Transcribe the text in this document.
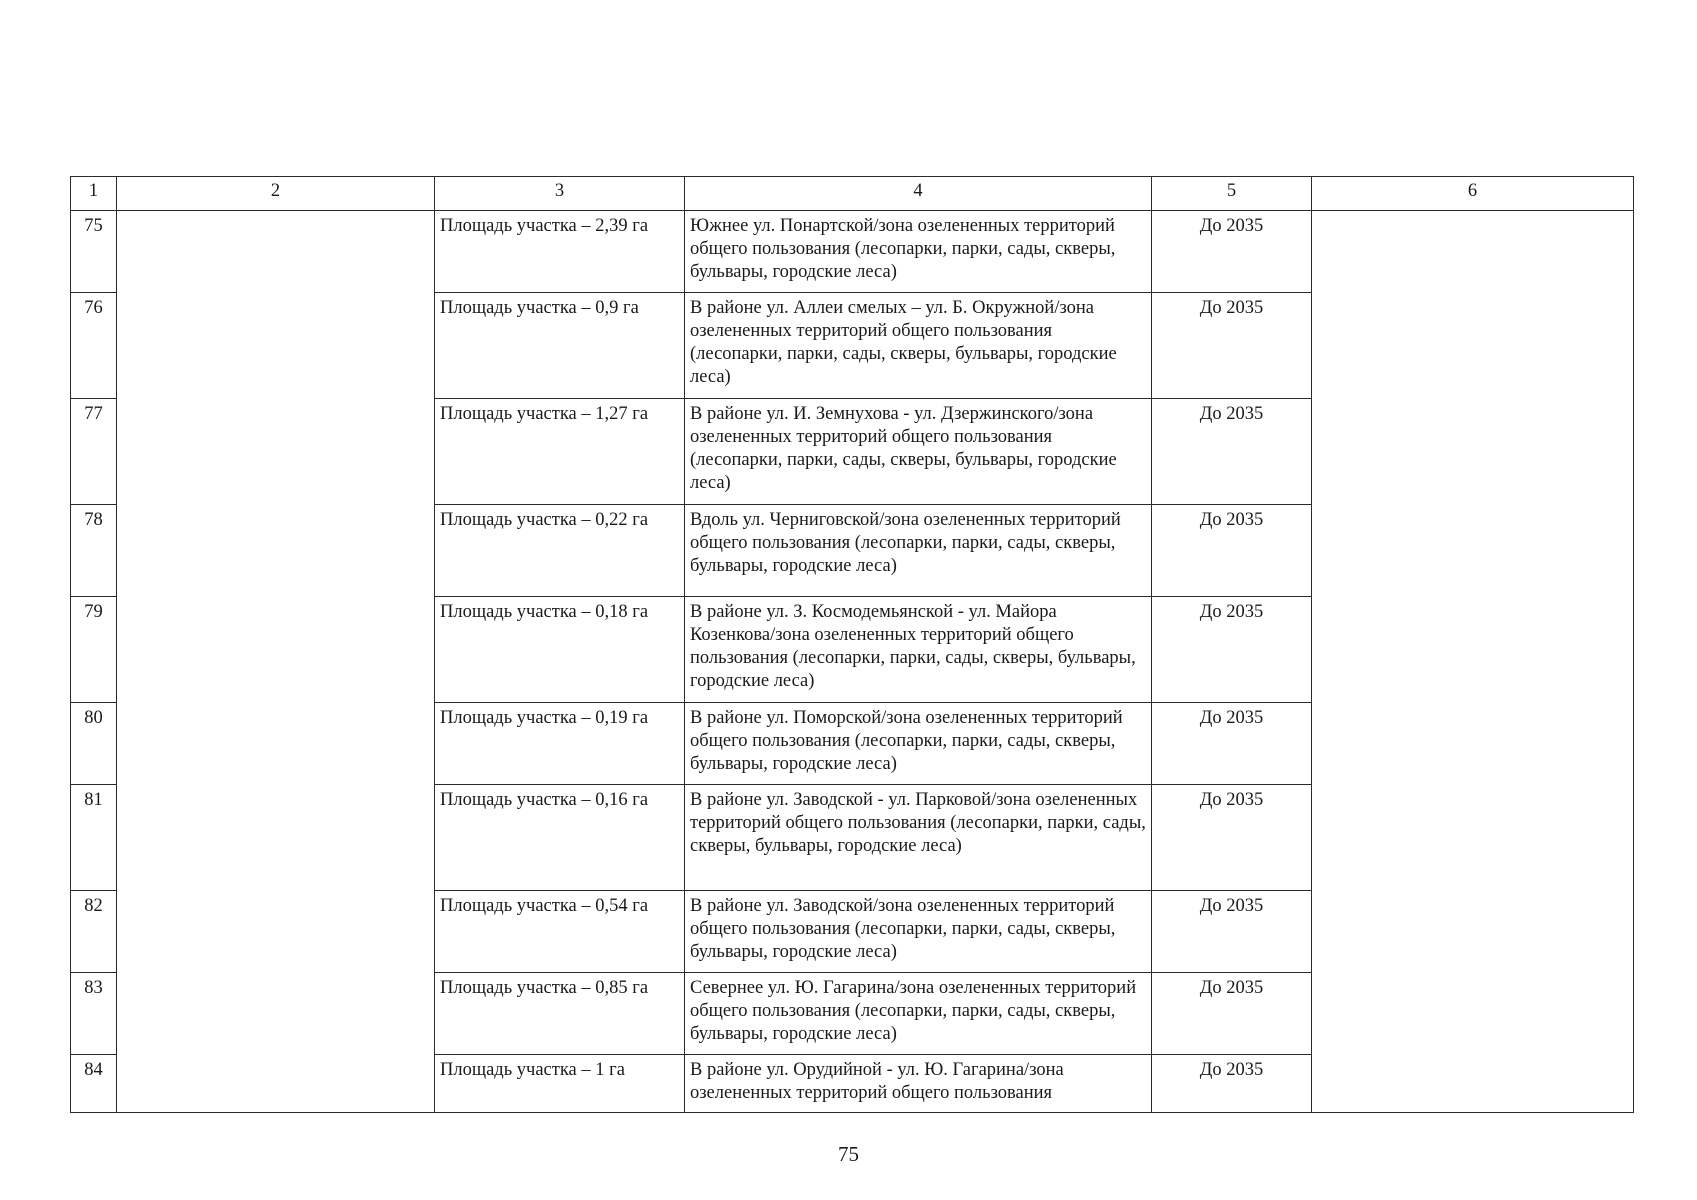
1	2	3	4	5	6
75		Площадь участка – 2,39 га	Южнее ул. Понартской/зона озелененных территорий общего пользования (лесопарки, парки, сады, скверы, бульвары, городские леса)	До 2035	
76		Площадь участка – 0,9 га	В районе ул. Аллеи смелых – ул. Б. Окружной/зона озелененных территорий общего пользования (лесопарки, парки, сады, скверы, бульвары, городские леса)	До 2035	
77		Площадь участка – 1,27 га	В районе ул. И. Земнухова - ул. Дзержинского/зона озелененных территорий общего пользования (лесопарки, парки, сады, скверы, бульвары, городские леса)	До 2035	
78		Площадь участка – 0,22 га	Вдоль ул. Черниговской/зона озелененных территорий общего пользования (лесопарки, парки, сады, скверы, бульвары, городские леса)	До 2035	
79		Площадь участка – 0,18 га	В районе ул. З. Космодемьянской - ул. Майора Козенкова/зона озелененных территорий общего пользования (лесопарки, парки, сады, скверы, бульвары, городские леса)	До 2035	
80		Площадь участка – 0,19 га	В районе ул. Поморской/зона озелененных территорий общего пользования (лесопарки, парки, сады, скверы, бульвары, городские леса)	До 2035	
81		Площадь участка – 0,16 га	В районе ул. Заводской - ул. Парковой/зона озелененных территорий общего пользования (лесопарки, парки, сады, скверы, бульвары, городские леса)	До 2035	
82		Площадь участка – 0,54 га	В районе ул. Заводской/зона озелененных территорий общего пользования (лесопарки, парки, сады, скверы, бульвары, городские леса)	До 2035	
83		Площадь участка – 0,85 га	Севернее ул. Ю. Гагарина/зона озелененных территорий общего пользования (лесопарки, парки, сады, скверы, бульвары, городские леса)	До 2035	
84		Площадь участка – 1 га	В районе ул. Орудийной - ул. Ю. Гагарина/зона озелененных территорий общего пользования	До 2035	
75
